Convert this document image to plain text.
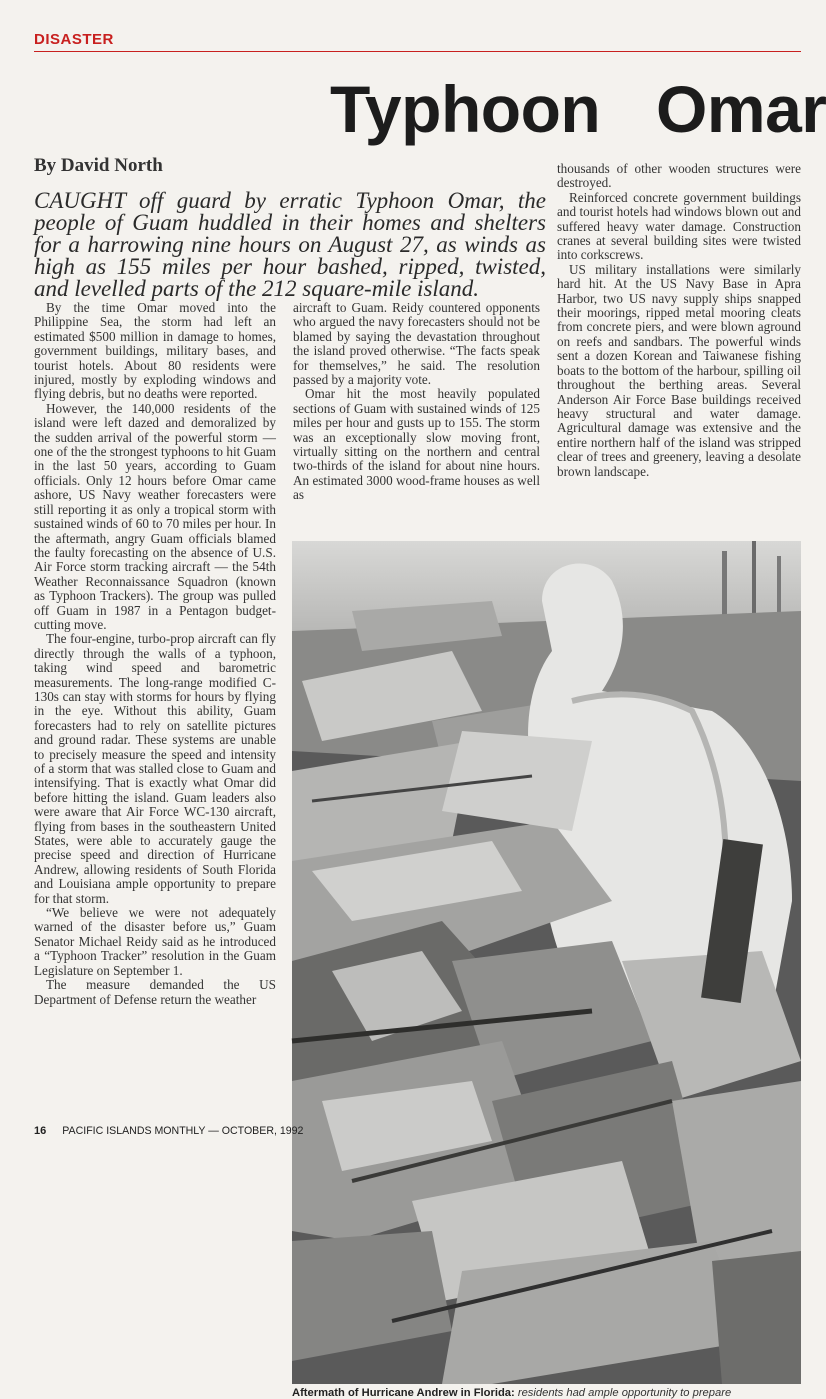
DISASTER
Typhoon Omar
By David North
CAUGHT off guard by erratic Typhoon Omar, the people of Guam huddled in their homes and shelters for a harrowing nine hours on August 27, as winds as high as 155 miles per hour bashed, ripped, twisted, and levelled parts of the 212 square-mile island.

By the time Omar moved into the Philippine Sea, the storm had left an estimated $500 million in damage to homes, government buildings, military bases, and tourist hotels. About 80 residents were injured, mostly by exploding windows and flying debris, but no deaths were reported.

However, the 140,000 residents of the island were left dazed and demoralized by the sudden arrival of the powerful storm — one of the the strongest typhoons to hit Guam in the last 50 years, according to Guam officials. Only 12 hours before Omar came ashore, US Navy weather forecasters were still reporting it as only a tropical storm with sustained winds of 60 to 70 miles per hour. In the aftermath, angry Guam officials blamed the faulty forecasting on the absence of U.S. Air Force storm tracking aircraft — the 54th Weather Reconnaissance Squadron (known as Typhoon Trackers). The group was pulled off Guam in 1987 in a Pentagon budget-cutting move.

The four-engine, turbo-prop aircraft can fly directly through the walls of a typhoon, taking wind speed and barometric measurements. The long-range modified C-130s can stay with storms for hours by flying in the eye. Without this ability, Guam forecasters had to rely on satellite pictures and ground radar. These systems are unable to precisely measure the speed and intensity of a storm that was stalled close to Guam and intensifying. That is exactly what Omar did before hitting the island. Guam leaders also were aware that Air Force WC-130 aircraft, flying from bases in the southeastern United States, were able to accurately gauge the precise speed and direction of Hurricane Andrew, allowing residents of South Florida and Louisiana ample opportunity to prepare for that storm.

“We believe we were not adequately warned of the disaster before us,” Guam Senator Michael Reidy said as he introduced a “Typhoon Tracker” resolution in the Guam Legislature on September 1.

The measure demanded the US Department of Defense return the weather

aircraft to Guam. Reidy countered opponents who argued the navy forecasters should not be blamed by saying the devastation throughout the island proved otherwise. “The facts speak for themselves,” he said. The resolution passed by a majority vote.

Omar hit the most heavily populated sections of Guam with sustained winds of 125 miles per hour and gusts up to 155. The storm was an exceptionally slow moving front, virtually sitting on the northern and central two-thirds of the island for about nine hours. An estimated 3000 wood-frame houses as well as

thousands of other wooden structures were destroyed.

Reinforced concrete government buildings and tourist hotels had windows blown out and suffered heavy water damage. Construction cranes at several building sites were twisted into corkscrews.

US military installations were similarly hard hit. At the US Navy Base in Apra Harbor, two US navy supply ships snapped their moorings, ripped metal mooring cleats from concrete piers, and were blown aground on reefs and sandbars. The powerful winds sent a dozen Korean and Taiwanese fishing boats to the bottom of the harbour, spilling oil throughout the berthing areas. Several Anderson Air Force Base buildings received heavy structural and water damage. Agricultural damage was extensive and the entire northern half of the island was stripped clear of trees and greenery, leaving a desolate brown landscape.

Aftermath of Hurricane Andrew in Florida: residents had ample opportunity to prepare
16 PACIFIC ISLANDS MONTHLY — OCTOBER, 1992
